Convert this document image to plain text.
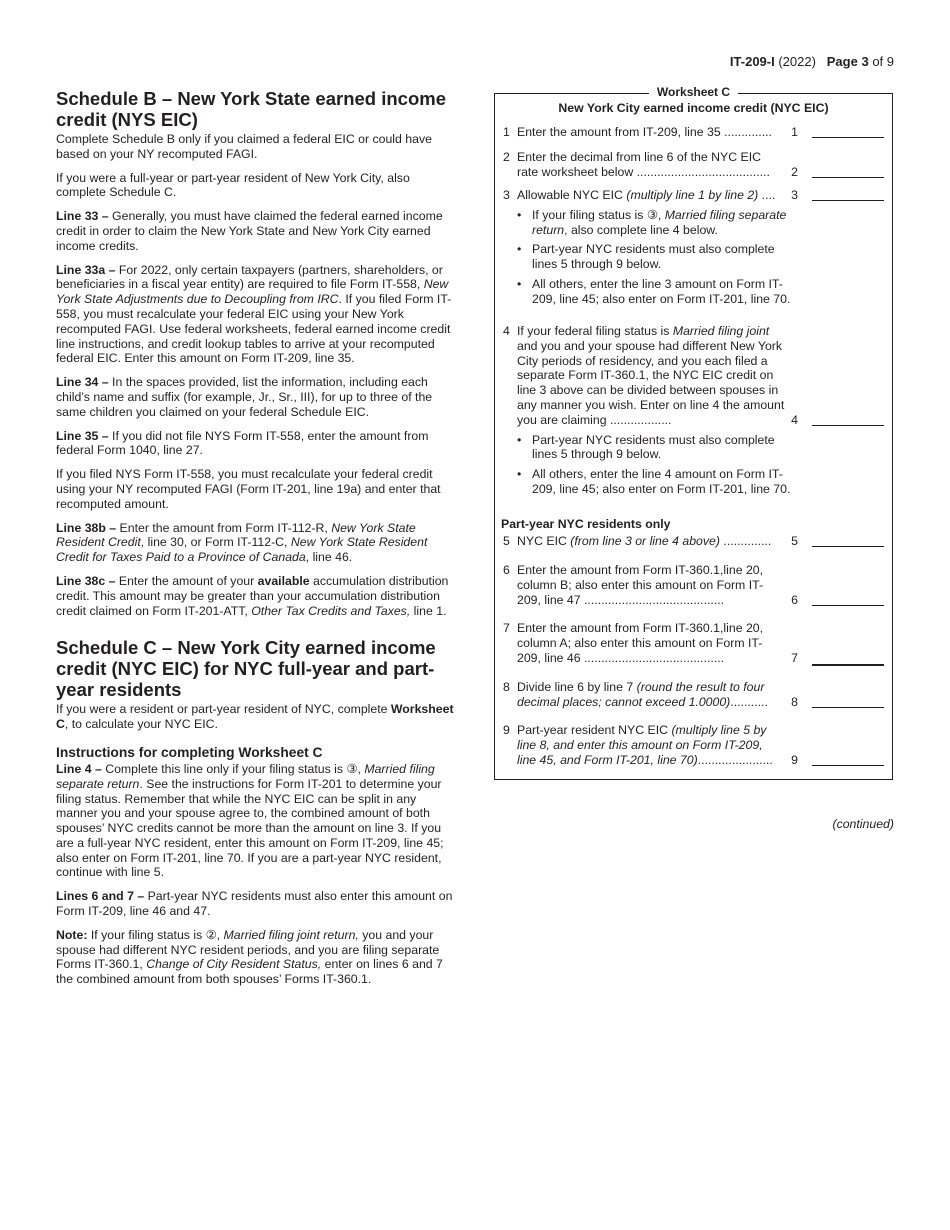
IT-209-I (2022) Page 3 of 9
Schedule B – New York State earned income credit (NYS EIC)

Complete Schedule B only if you claimed a federal EIC or could have based on your NY recomputed FAGI.

If you were a full-year or part-year resident of New York City, also complete Schedule C.

Line 33 – Generally, you must have claimed the federal earned income credit in order to claim the New York State and New York City earned income credits.

Line 33a – For 2022, only certain taxpayers (partners, shareholders, or beneficiaries in a fiscal year entity) are required to file Form IT-558, New York State Adjustments due to Decoupling from IRC. If you filed Form IT-558, you must recalculate your federal EIC using your New York recomputed FAGI. Use federal worksheets, federal earned income credit line instructions, and credit lookup tables to arrive at your recomputed federal EIC. Enter this amount on Form IT-209, line 35.

Line 34 – In the spaces provided, list the information, including each child’s name and suffix (for example, Jr., Sr., III), for up to three of the same children you claimed on your federal Schedule EIC.

Line 35 – If you did not file NYS Form IT-558, enter the amount from federal Form 1040, line 27.

If you filed NYS Form IT-558, you must recalculate your federal credit using your NY recomputed FAGI (Form IT-201, line 19a) and enter that recomputed amount.

Line 38b – Enter the amount from Form IT-112-R, New York State Resident Credit, line 30, or Form IT-112-C, New York State Resident Credit for Taxes Paid to a Province of Canada, line 46.

Line 38c – Enter the amount of your available accumulation distribution credit. This amount may be greater than your accumulation distribution credit claimed on Form IT-201-ATT, Other Tax Credits and Taxes, line 1.

Schedule C – New York City earned income credit (NYC EIC) for NYC full-year and part-year residents

If you were a resident or part-year resident of NYC, complete Worksheet C, to calculate your NYC EIC.

Instructions for completing Worksheet C

Line 4 – Complete this line only if your filing status is ③, Married filing separate return. See the instructions for Form IT-201 to determine your filing status. Remember that while the NYC EIC can be split in any manner you and your spouse agree to, the combined amount of both spouses’ NYC credits cannot be more than the amount on line 3. If you are a full-year NYC resident, enter this amount on Form IT-209, line 45; also enter on Form IT-201, line 70. If you are a part-year NYC resident, continue with line 5.

Lines 6 and 7 – Part-year NYC residents must also enter this amount on Form IT-209, line 46 and 47.

Note: If your filing status is ②, Married filing joint return, you and your spouse had different NYC resident periods, and you are filing separate Forms IT-360.1, Change of City Resident Status, enter on lines 6 and 7 the combined amount from both spouses’ Forms IT-360.1.

Worksheet C
New York City earned income credit (NYC EIC)
1 Enter the amount from IT-209, line 35 ..............	1
2 Enter the decimal from line 6 of the NYC EIC
rate worksheet below .......................................	2
3 Allowable NYC EIC (multiply line 1 by line 2) .... 3
• If your filing status is ③, Married filing separate return, also complete line 4 below.
• Part-year NYC residents must also complete lines 5 through 9 below.
• All others, enter the line 3 amount on Form IT-209, line 45; also enter on Form IT-201, line 70.
4 If your federal filing status is Married filing joint and you and your spouse had different New York City periods of residency, and you each filed a separate Form IT-360.1, the NYC EIC credit on line 3 above can be divided between spouses in any manner you wish. Enter on line 4 the amount you are claiming ..................	4
• Part-year NYC residents must also complete lines 5 through 9 below.
• All others, enter the line 4 amount on Form IT-209, line 45; also enter on Form IT-201, line 70.
Part-year NYC residents only
5 NYC EIC (from line 3 or line 4 above) ..............	5
6 Enter the amount from Form IT-360.1,line 20, column B; also enter this amount on Form IT-209, line 47 .........................................	6
7 Enter the amount from Form IT-360.1,line 20, column A; also enter this amount on Form IT-209, line 46 .........................................	7
8 Divide line 6 by line 7 (round the result to four decimal places; cannot exceed 1.0000)...........	8
9 Part-year resident NYC EIC (multiply line 5 by line 8, and enter this amount on Form IT-209, line 45, and Form IT-201, line 70)......................	9
(continued)
